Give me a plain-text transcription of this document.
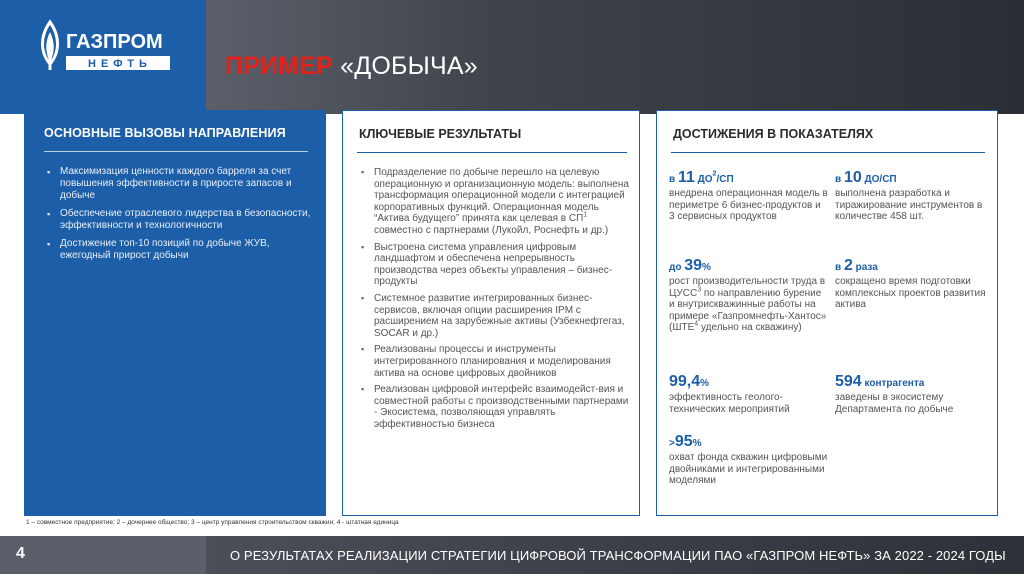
ГАЗПРОМ
НЕФТЬ	ПРИМЕР «ДОБЫЧА»
ОСНОВНЫЕ ВЫЗОВЫ НАПРАВЛЕНИЯ
▪ Максимизация ценности каждого барреля за счет повышения эффективности в приросте запасов и добыче
▪ Обеспечение отраслевого лидерства в безопасности, эффективности и технологичности
▪ Достижение топ-10 позиций по добыче ЖУВ, ежегодный прирост добычи
КЛЮЧЕВЫЕ РЕЗУЛЬТАТЫ
▪ Подразделение по добыче перешло на целевую операционную и организационную модель: выполнена трансформация операционной модели с интеграцией корпоративных функций. Операционная модель “Актива будущего” принята как целевая в $СП^1$ совместно с партнерами (Лукойл, Роснефть и др.)
▪ Выстроена система управления цифровым ландшафтом и обеспечена непрерывность производства через объекты управления – бизнес-продукты
▪ Системное развитие интегрированных бизнес-сервисов, включая опции расширения IPM с расширением на зарубежные активы (Узбекнефтегаз, SOCAR и др.)
▪ Реализованы процессы и инструменты интегрированного планирования и моделирования актива на основе цифровых двойников
▪ Реализован цифровой интерфейс взаимодейст-вия и совместной работы с производственными партнерами - Экосистема, позволяющая управлять эффективностью бизнеса
ДОСТИЖЕНИЯ В ПОКАЗАТЕЛЯХ
в 11 $ДО^2/СП$
внедрена операционная модель в периметре 6 бизнес-продуктов и 3 сервисных продуктов
до 39%
рост производительности труда в ЦУСС$^3$ по направлению бурение и внутрискважинные работы на примере «Газпромнефть-Хантос» (ШТЕ$^4$ удельно на скважину)
99,4%
эффективность геолого-технических мероприятий
>95%
охват фонда скважин цифровыми двойниками и интегрированными моделями
в 10 ДО/СП
выполнена разработка и тиражирование инструментов в количестве 458 шт.
в 2 раза
сокращено время подготовки комплексных проектов развития актива
594 контрагента
заведены в экосистему Департамента по добыче
1 – совместное предприятие; 2 – дочернее общество; 3 – центр управления строительством скважин; 4 - штатная единица
4	О РЕЗУЛЬТАТАХ РЕАЛИЗАЦИИ СТРАТЕГИИ ЦИФРОВОЙ ТРАНСФОРМАЦИИ ПАО «ГАЗПРОМ НЕФТЬ» ЗА 2022 - 2024 ГОДЫ
